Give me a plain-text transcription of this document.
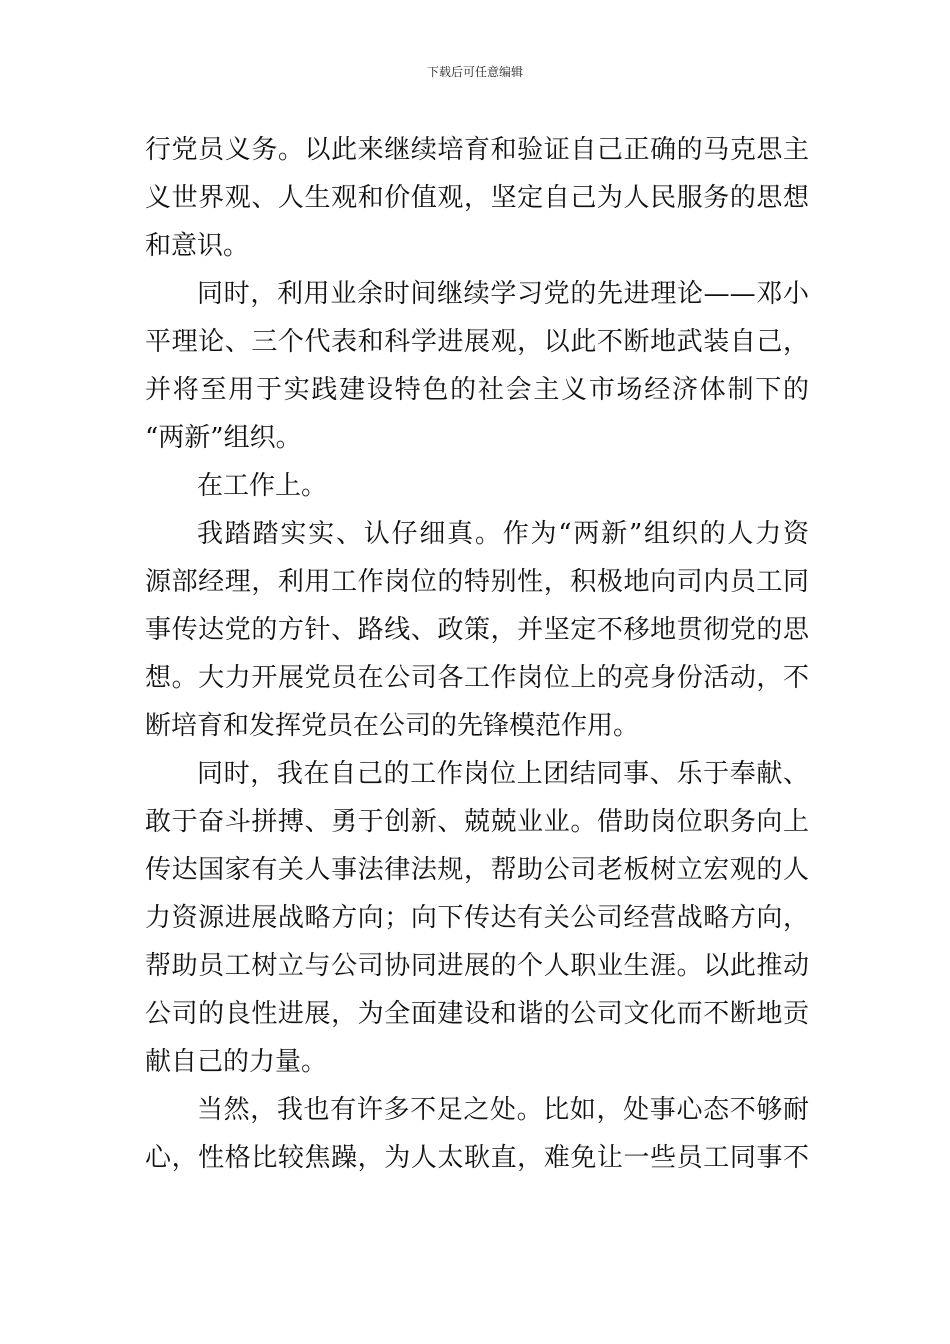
下载后可任意编辑
行党员义务。以此来继续培育和验证自己正确的马克思主
义世界观、人生观和价值观，坚定自己为人民服务的思想
和意识。
同时，利用业余时间继续学习党的先进理论——邓小
平理论、三个代表和科学进展观，以此不断地武装自己，
并将至用于实践建设特色的社会主义市场经济体制下的
“两新”组织。
在工作上。
我踏踏实实、认仔细真。作为“两新”组织的人力资
源部经理，利用工作岗位的特别性，积极地向司内员工同
事传达党的方针、路线、政策，并坚定不移地贯彻党的思
想。大力开展党员在公司各工作岗位上的亮身份活动，不
断培育和发挥党员在公司的先锋模范作用。
同时，我在自己的工作岗位上团结同事、乐于奉献、
敢于奋斗拼搏、勇于创新、兢兢业业。借助岗位职务向上
传达国家有关人事法律法规，帮助公司老板树立宏观的人
力资源进展战略方向；向下传达有关公司经营战略方向，
帮助员工树立与公司协同进展的个人职业生涯。以此推动
公司的良性进展，为全面建设和谐的公司文化而不断地贡
献自己的力量。
当然，我也有许多不足之处。比如，处事心态不够耐
心，性格比较焦躁，为人太耿直，难免让一些员工同事不
